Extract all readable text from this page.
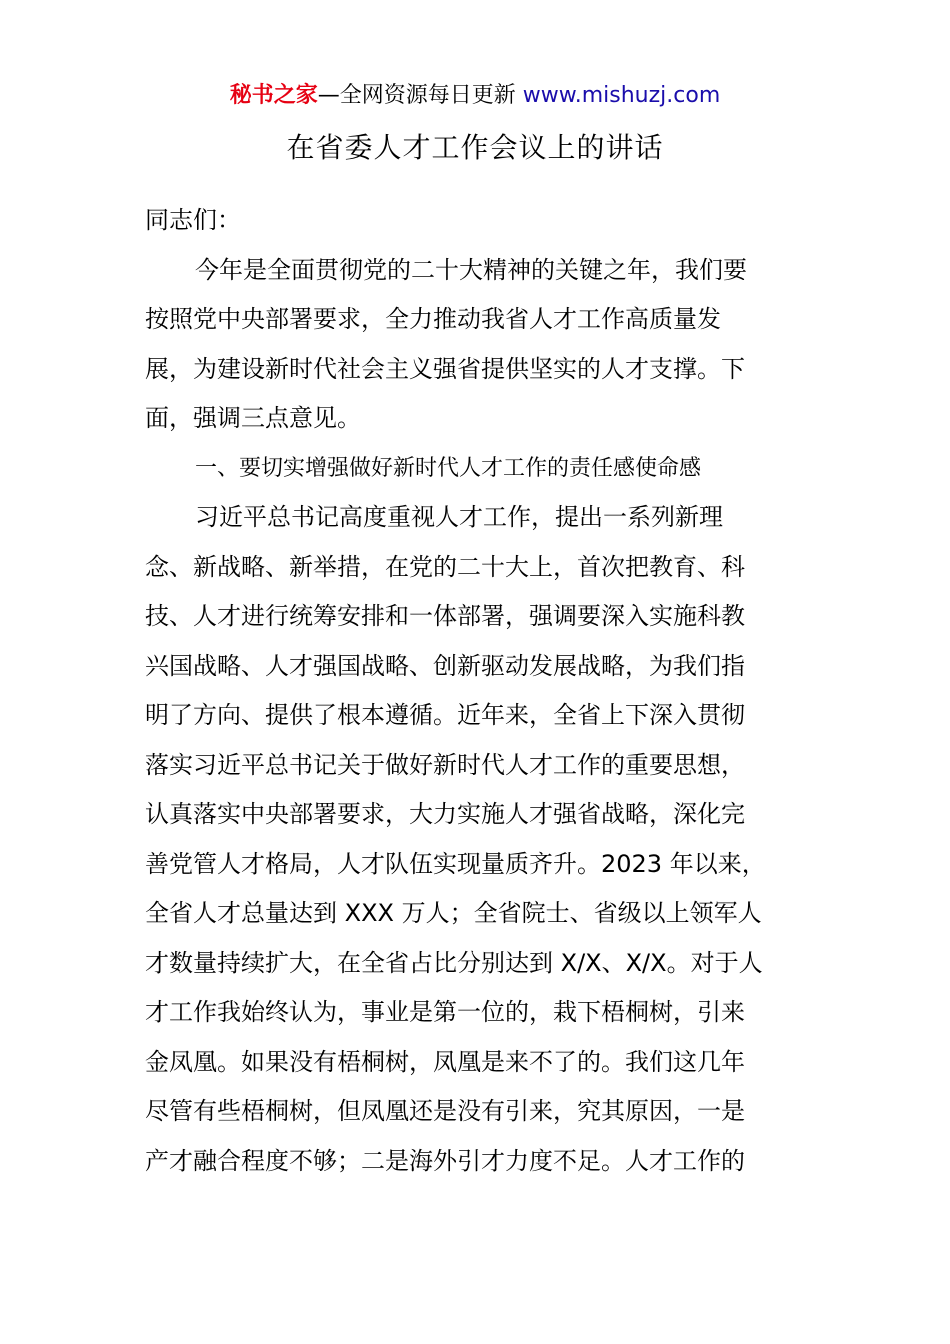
秘书之家—全网资源每日更新 www.mishuzj.com
在省委人才工作会议上的讲话
同志们：
今年是全面贯彻党的二十大精神的关键之年，我们要
按照党中央部署要求，全力推动我省人才工作高质量发
展，为建设新时代社会主义强省提供坚实的人才支撑。下
面，强调三点意见。
一、要切实增强做好新时代人才工作的责任感使命感
习近平总书记高度重视人才工作，提出一系列新理
念、新战略、新举措，在党的二十大上，首次把教育、科
技、人才进行统筹安排和一体部署，强调要深入实施科教
兴国战略、人才强国战略、创新驱动发展战略，为我们指
明了方向、提供了根本遵循。近年来，全省上下深入贯彻
落实习近平总书记关于做好新时代人才工作的重要思想，
认真落实中央部署要求，大力实施人才强省战略，深化完
善党管人才格局，人才队伍实现量质齐升。2023 年以来，
全省人才总量达到 XXX 万人；全省院士、省级以上领军人
才数量持续扩大，在全省占比分别达到 X/X、X/X。对于人
才工作我始终认为，事业是第一位的，栽下梧桐树，引来
金凤凰。如果没有梧桐树，凤凰是来不了的。我们这几年
尽管有些梧桐树，但凤凰还是没有引来，究其原因，一是
产才融合程度不够；二是海外引才力度不足。人才工作的
